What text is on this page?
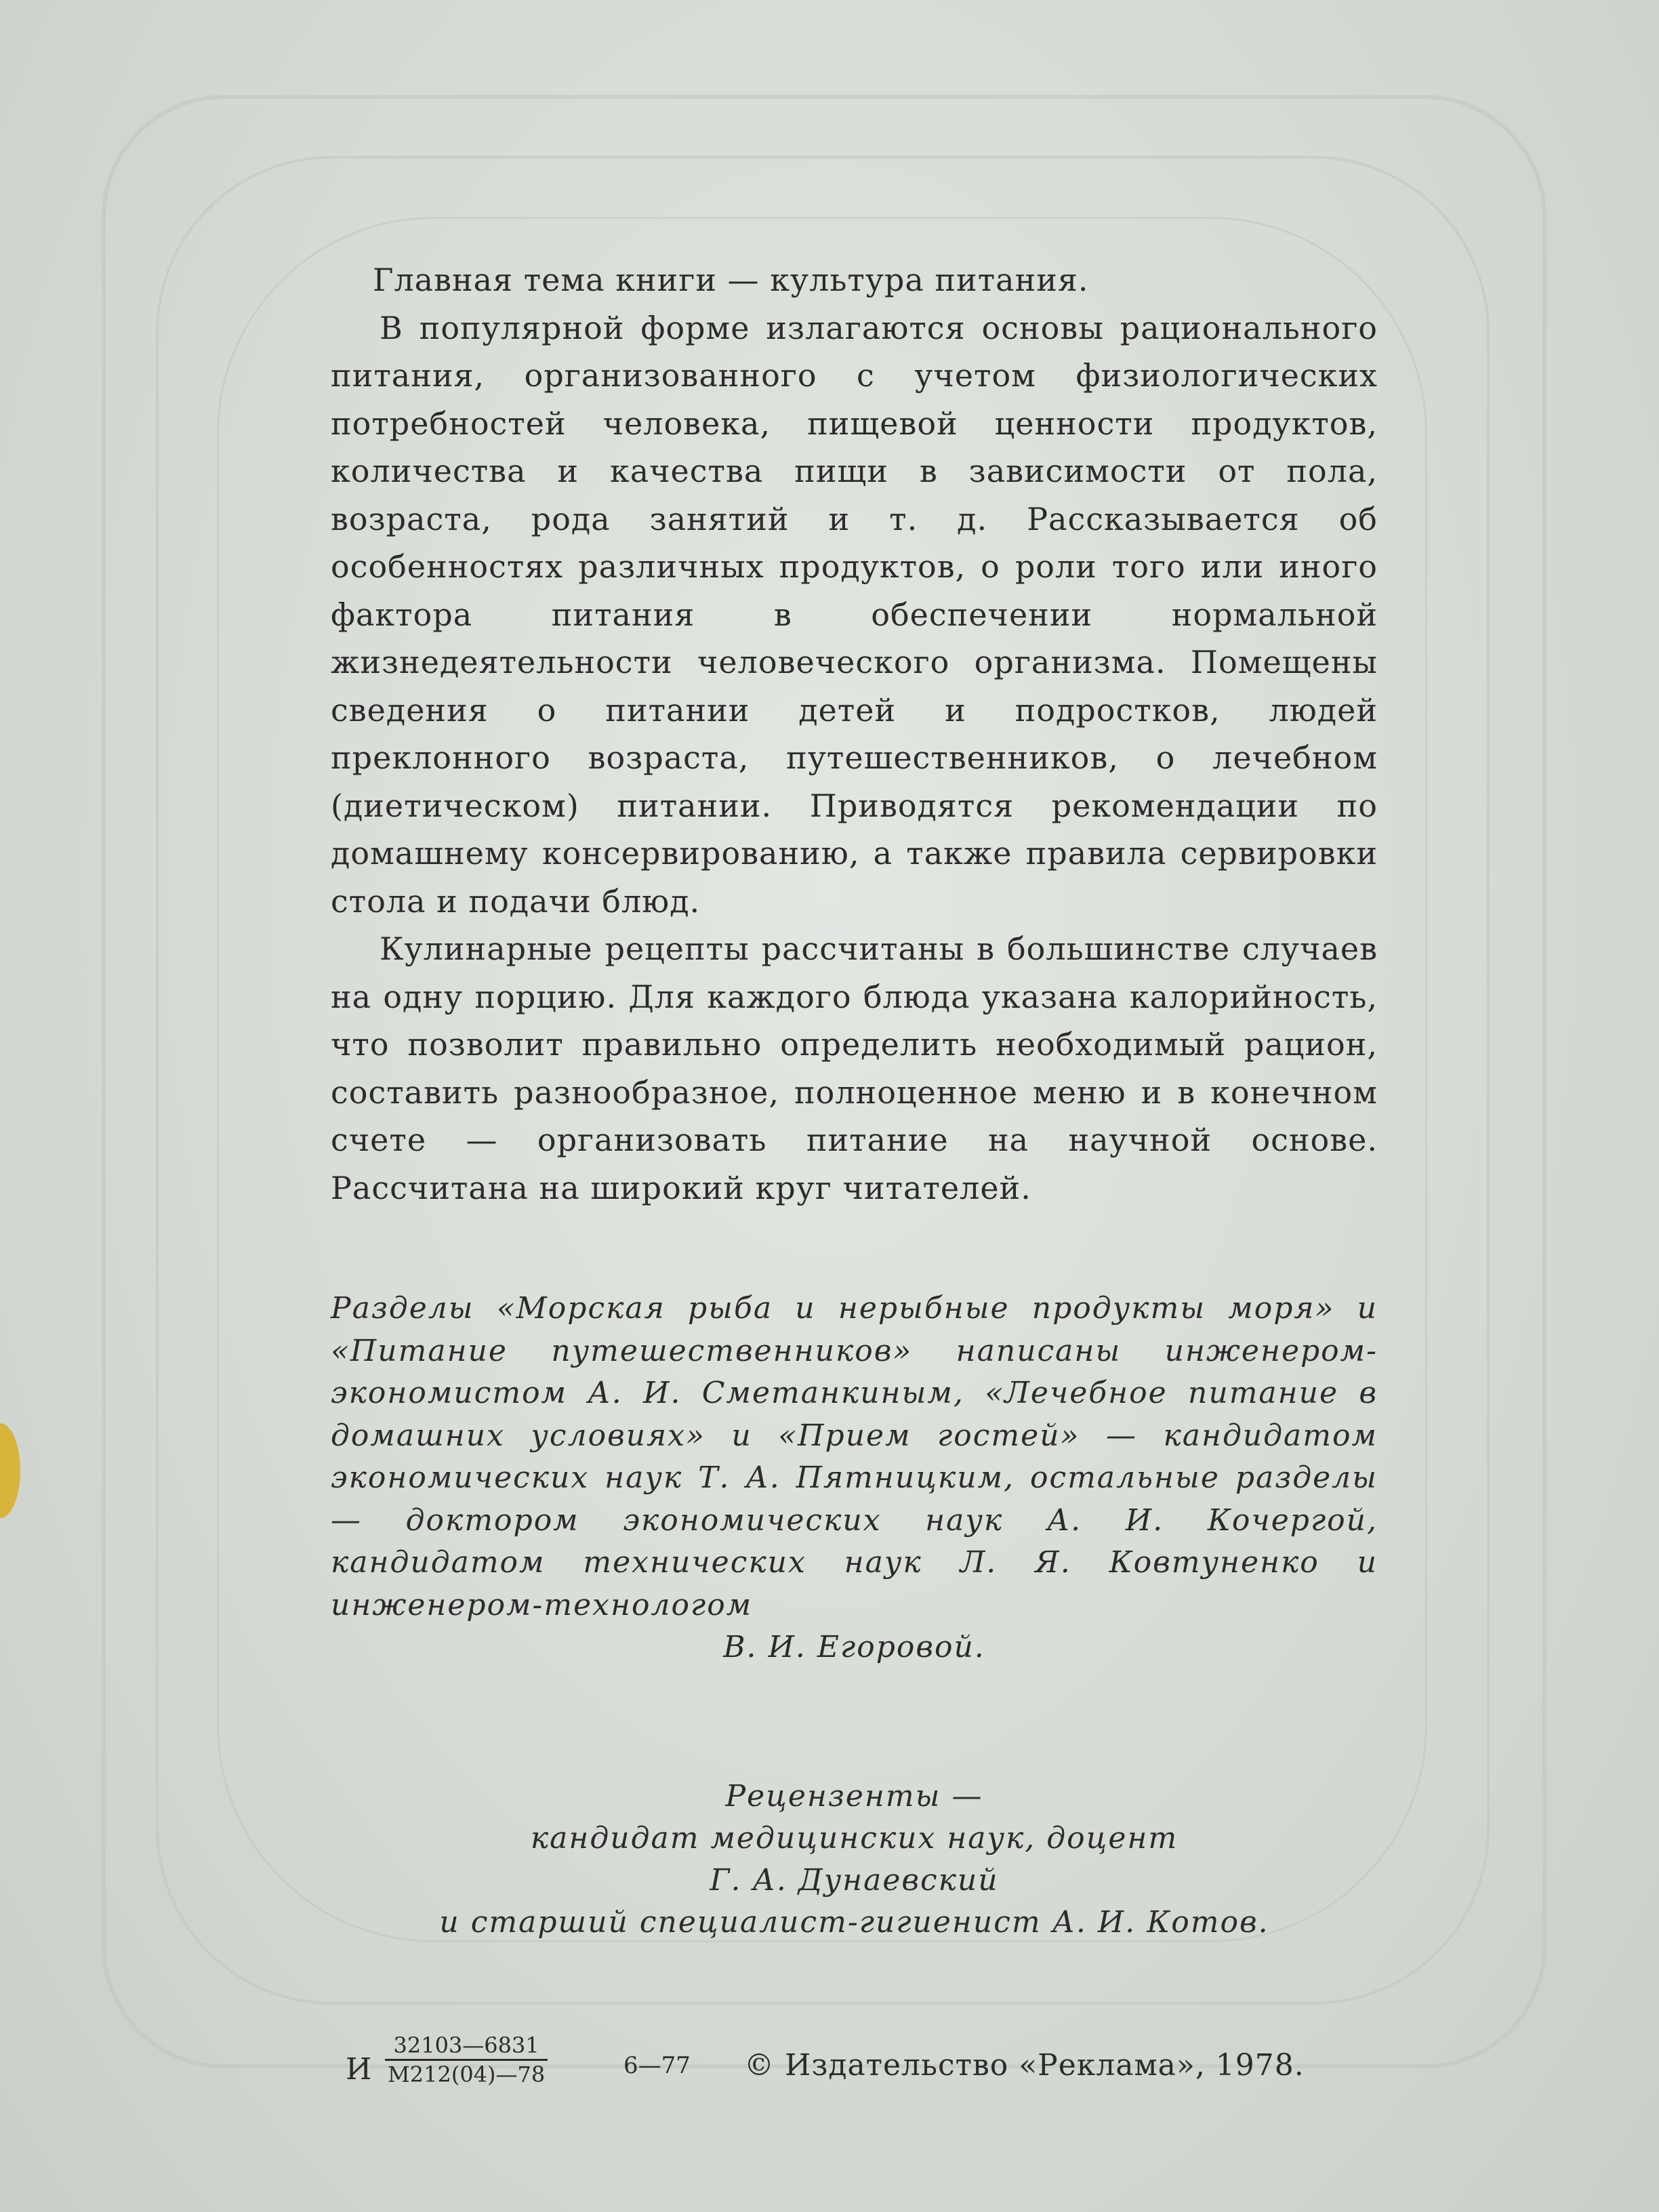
Главная тема книги — культура питания.

В популярной форме излагаются основы рационального питания, организованного с учетом физиологических потребностей человека, пищевой ценности продуктов, количества и качества пищи в зависимости от пола, возраста, рода занятий и т. д. Рассказывается об особенностях различных продуктов, о роли того или иного фактора питания в обеспечении нормальной жизнедеятельности человеческого организма. Помещены сведения о питании детей и подростков, людей преклонного возраста, путешественников, о лечебном (диетическом) питании. Приводятся рекомендации по домашнему консервированию, а также правила сервировки стола и подачи блюд.

Кулинарные рецепты рассчитаны в большинстве случаев на одну порцию. Для каждого блюда указана калорийность, что позволит правильно определить необходимый рацион, составить разнообразное, полноценное меню и в конечном счете — организовать питание на научной основе. Рассчитана на широкий круг читателей.

Разделы «Морская рыба и нерыбные продукты моря» и «Питание путешественников» написаны инженером-экономистом А. И. Сметанкиным, «Лечебное питание в домашних условиях» и «Прием гостей» — кандидатом экономических наук Т. А. Пятницким, остальные разделы — доктором экономических наук А. И. Кочергой, кандидатом технических наук Л. Я. Ковтуненко и инженером-технологом
В. И. Егоровой.
Рецензенты —
кандидат медицинских наук, доцент
Г. А. Дунаевский
и старший специалист-гигиенист А. И. Котов.
И
32103—6831
М212(04)—78	6—77 © Издательство «Реклама», 1978.
